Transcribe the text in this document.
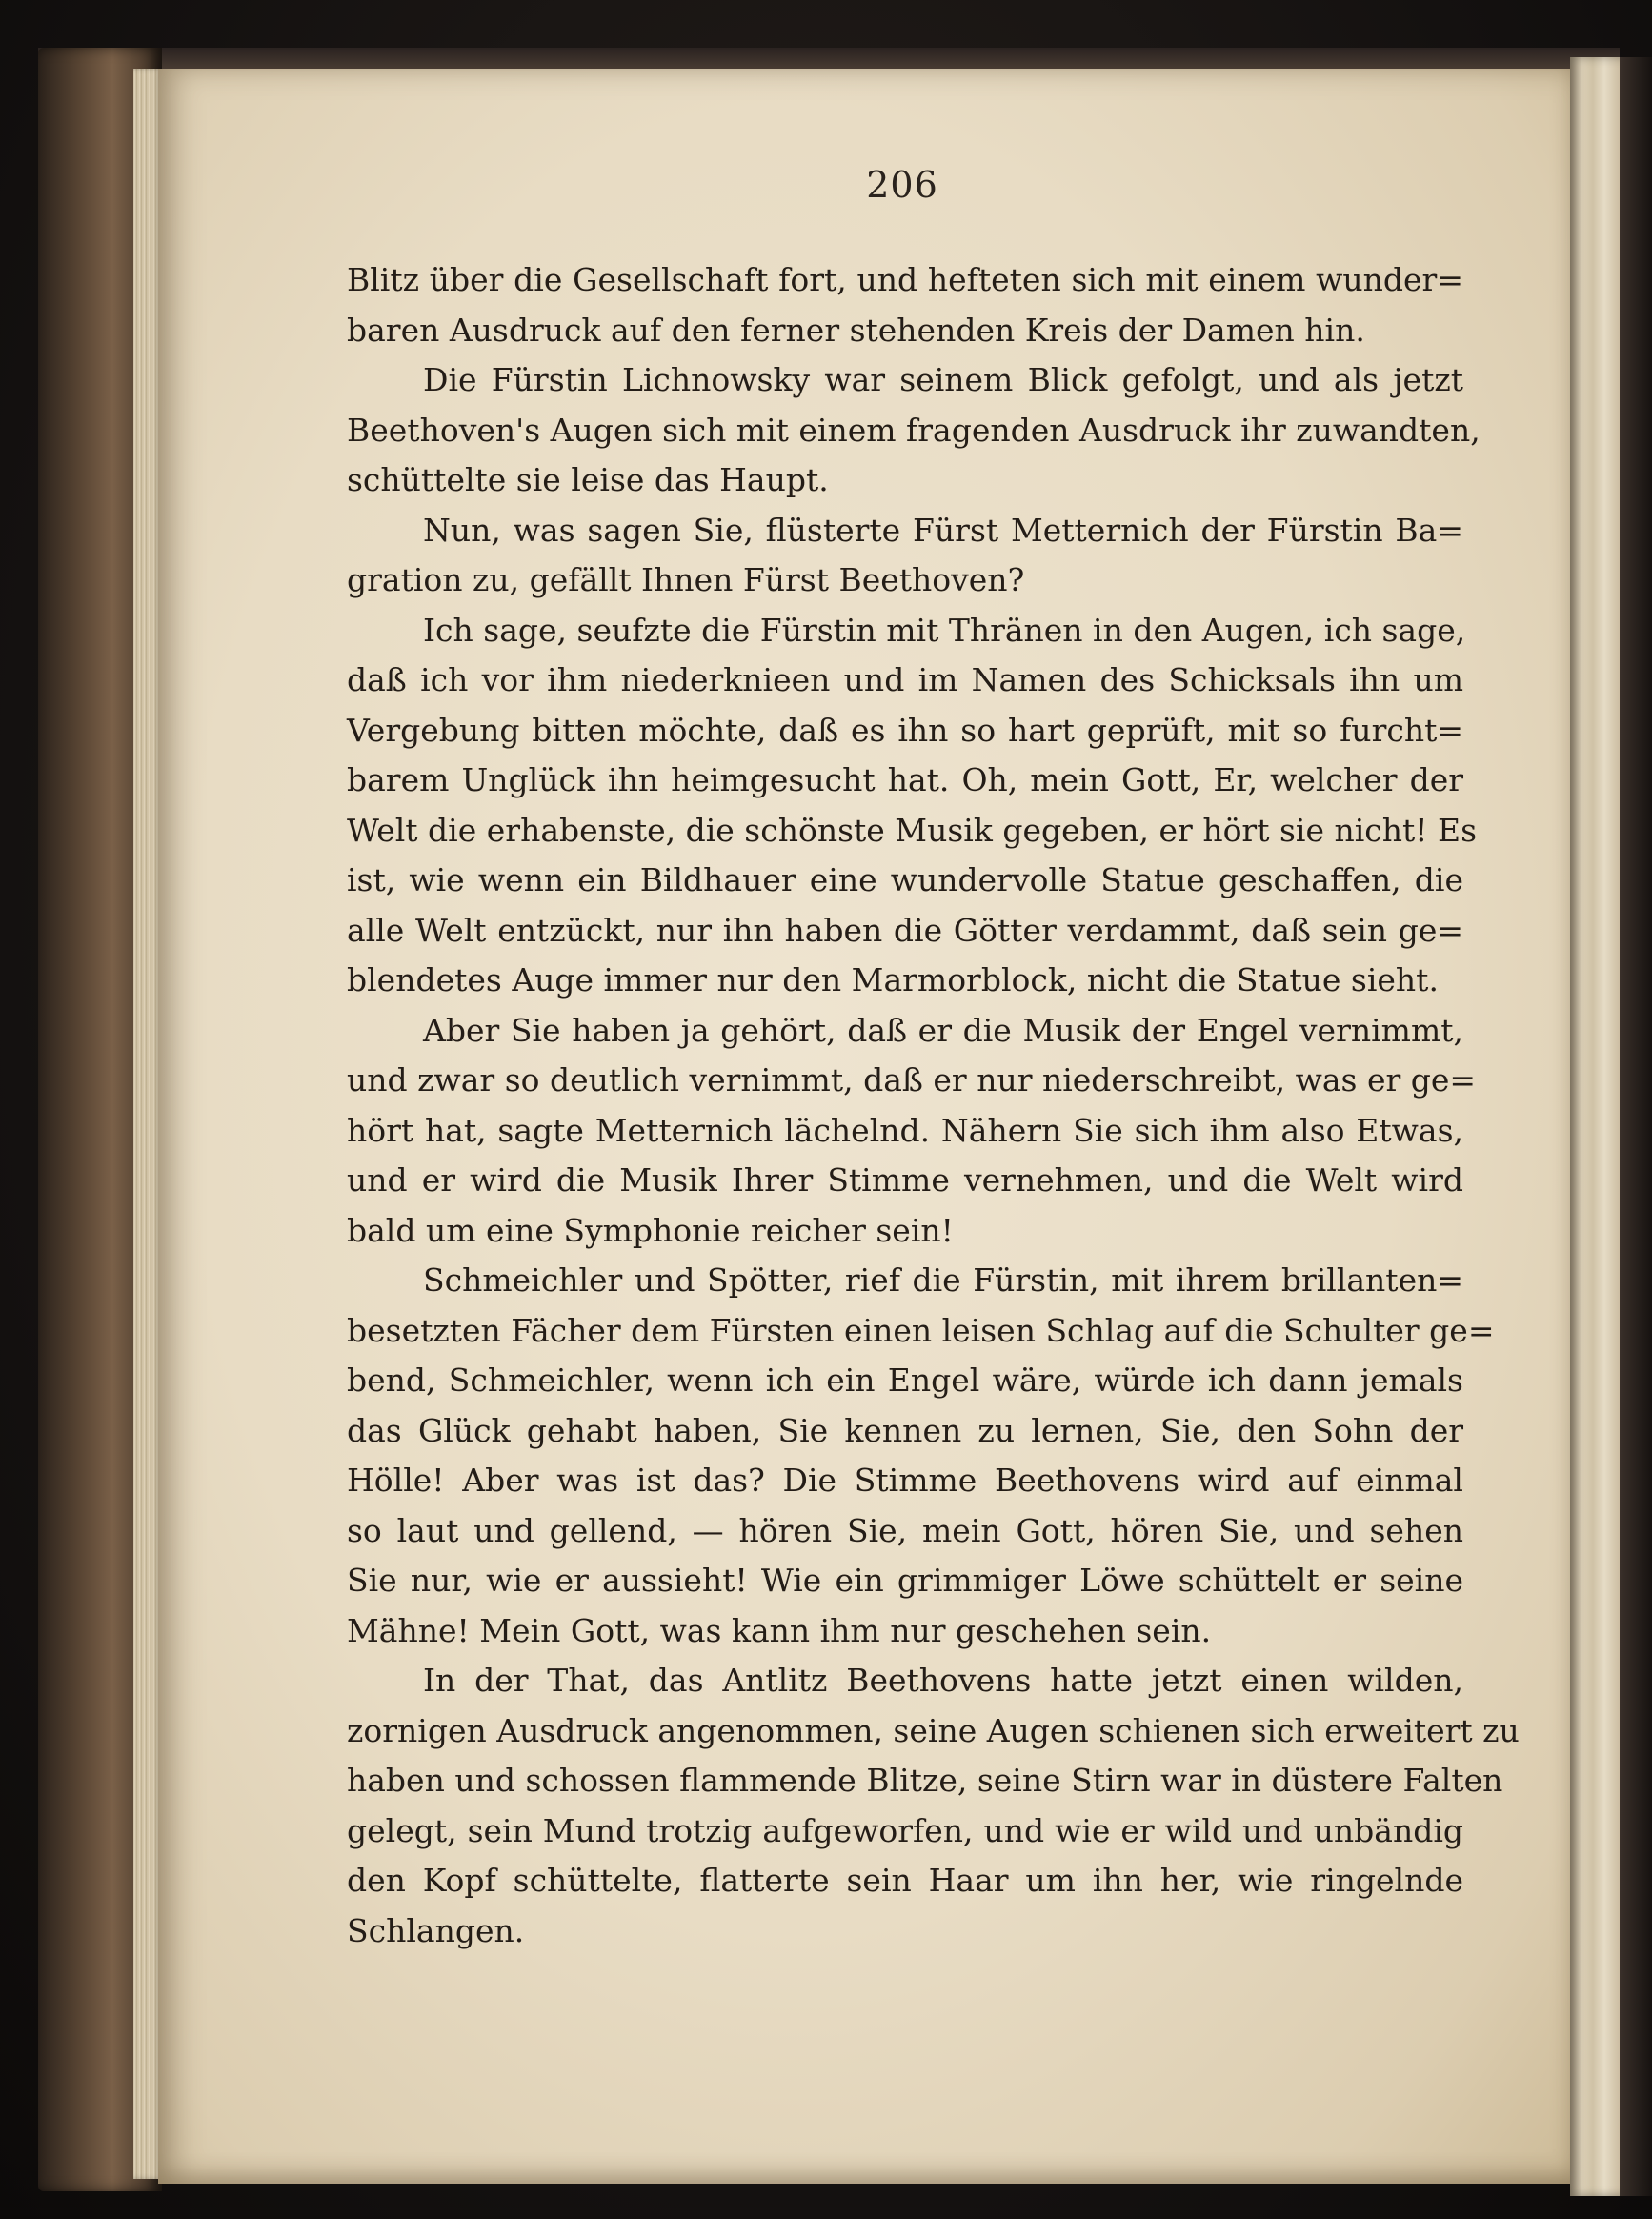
206
Blitz über die Gesellschaft fort, und hefteten sich mit einem wunder=
baren Ausdruck auf den ferner stehenden Kreis der Damen hin.
Die Fürstin Lichnowsky war seinem Blick gefolgt, und als jetzt
Beethoven's Augen sich mit einem fragenden Ausdruck ihr zuwandten,
schüttelte sie leise das Haupt.
Nun, was sagen Sie, flüsterte Fürst Metternich der Fürstin Ba=
gration zu, gefällt Ihnen Fürst Beethoven?
Ich sage, seufzte die Fürstin mit Thränen in den Augen, ich sage,
daß ich vor ihm niederknieen und im Namen des Schicksals ihn um
Vergebung bitten möchte, daß es ihn so hart geprüft, mit so furcht=
barem Unglück ihn heimgesucht hat. Oh, mein Gott, Er, welcher der
Welt die erhabenste, die schönste Musik gegeben, er hört sie nicht! Es
ist, wie wenn ein Bildhauer eine wundervolle Statue geschaffen, die
alle Welt entzückt, nur ihn haben die Götter verdammt, daß sein ge=
blendetes Auge immer nur den Marmorblock, nicht die Statue sieht.
Aber Sie haben ja gehört, daß er die Musik der Engel vernimmt,
und zwar so deutlich vernimmt, daß er nur niederschreibt, was er ge=
hört hat, sagte Metternich lächelnd. Nähern Sie sich ihm also Etwas,
und er wird die Musik Ihrer Stimme vernehmen, und die Welt wird
bald um eine Symphonie reicher sein!
Schmeichler und Spötter, rief die Fürstin, mit ihrem brillanten=
besetzten Fächer dem Fürsten einen leisen Schlag auf die Schulter ge=
bend, Schmeichler, wenn ich ein Engel wäre, würde ich dann jemals
das Glück gehabt haben, Sie kennen zu lernen, Sie, den Sohn der
Hölle! Aber was ist das? Die Stimme Beethovens wird auf einmal
so laut und gellend, — hören Sie, mein Gott, hören Sie, und sehen
Sie nur, wie er aussieht! Wie ein grimmiger Löwe schüttelt er seine
Mähne! Mein Gott, was kann ihm nur geschehen sein.
In der That, das Antlitz Beethovens hatte jetzt einen wilden,
zornigen Ausdruck angenommen, seine Augen schienen sich erweitert zu
haben und schossen flammende Blitze, seine Stirn war in düstere Falten
gelegt, sein Mund trotzig aufgeworfen, und wie er wild und unbändig
den Kopf schüttelte, flatterte sein Haar um ihn her, wie ringelnde
Schlangen.
